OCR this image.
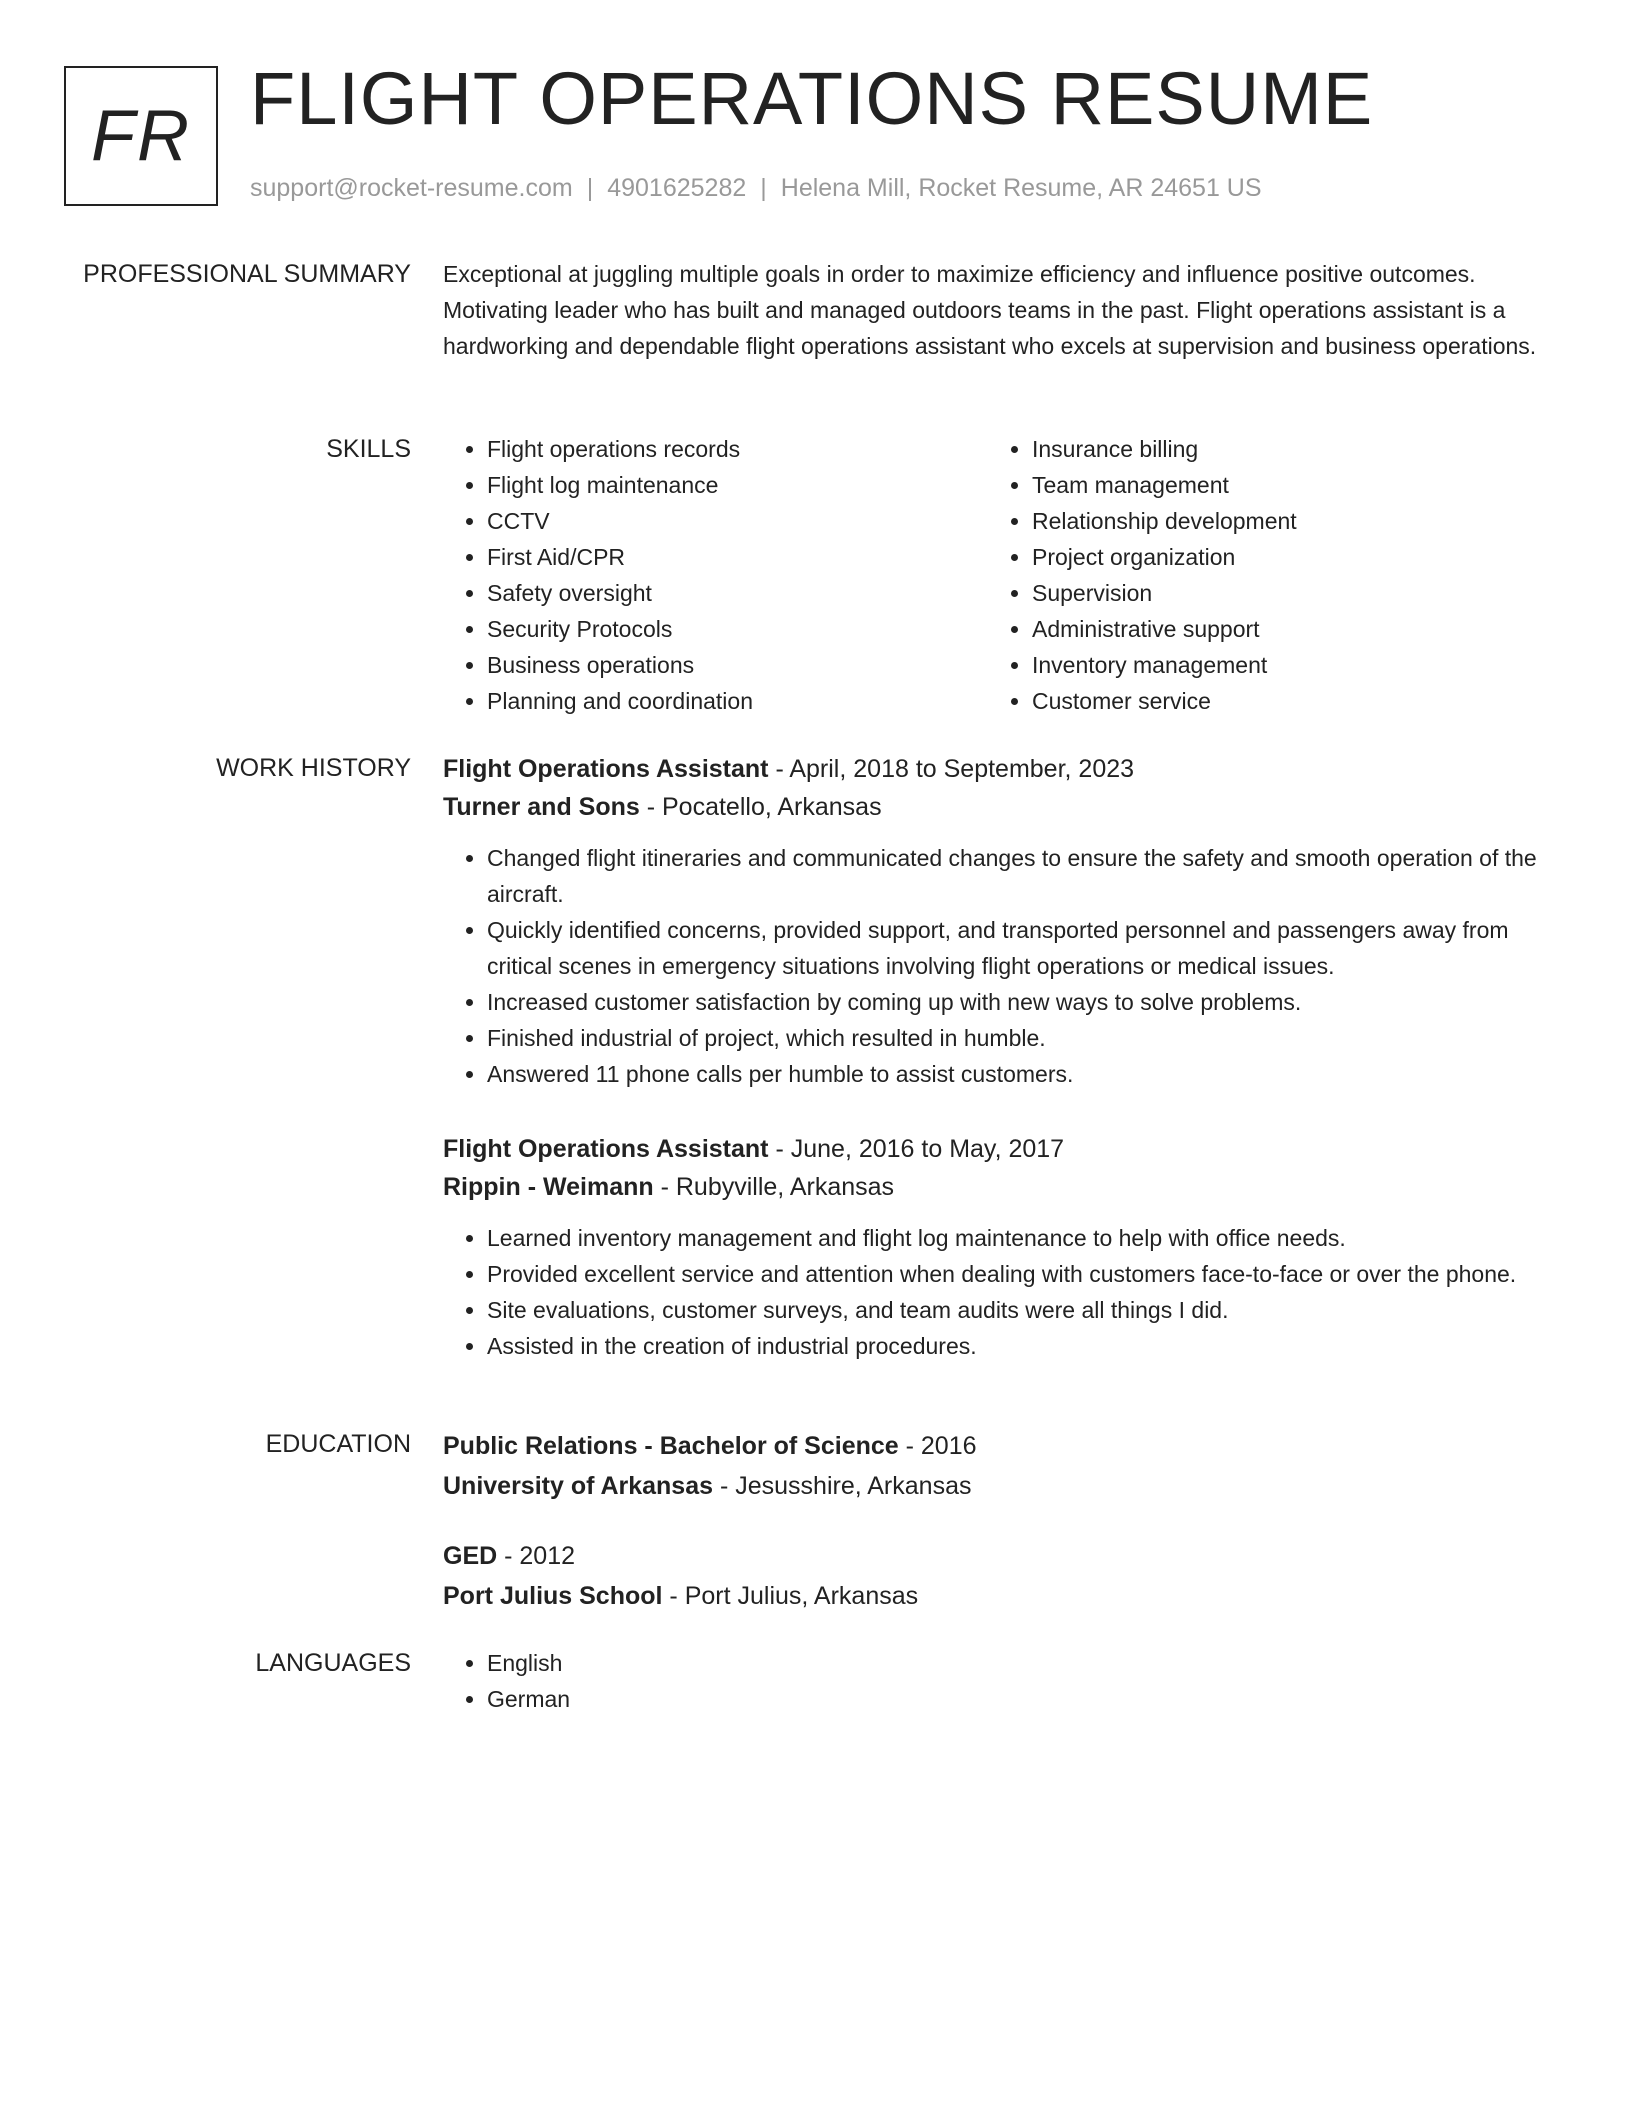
FR FLIGHT OPERATIONS RESUME
support@rocket-resume.com | 4901625282 | Helena Mill, Rocket Resume, AR 24651 US
PROFESSIONAL SUMMARY Exceptional at juggling multiple goals in order to maximize efficiency and influence positive outcomes. Motivating leader who has built and managed outdoors teams in the past. Flight operations assistant is a hardworking and dependable flight operations assistant who excels at supervision and business operations.

SKILLS	• Flight operations records
• Flight log maintenance
• CCTV
• First Aid/CPR
• Safety oversight
• Security Protocols
• Business operations
• Planning and coordination
• Insurance billing
• Team management
• Relationship development
• Project organization
• Supervision
• Administrative support
• Inventory management
• Customer service
WORK HISTORY Flight Operations Assistant - April, 2018 to September, 2023
Turner and Sons - Pocatello, Arkansas
• Changed flight itineraries and communicated changes to ensure the safety and smooth operation of the aircraft.
• Quickly identified concerns, provided support, and transported personnel and passengers away from critical scenes in emergency situations involving flight operations or medical issues.
• Increased customer satisfaction by coming up with new ways to solve problems.
• Finished industrial of project, which resulted in humble.
• Answered 11 phone calls per humble to assist customers.
Flight Operations Assistant - June, 2016 to May, 2017
Rippin - Weimann - Rubyville, Arkansas
• Learned inventory management and flight log maintenance to help with office needs.
• Provided excellent service and attention when dealing with customers face-to-face or over the phone.
• Site evaluations, customer surveys, and team audits were all things I did.
• Assisted in the creation of industrial procedures.
EDUCATION Public Relations - Bachelor of Science - 2016
University of Arkansas - Jesusshire, Arkansas
GED - 2012
Port Julius School - Port Julius, Arkansas
LANGUAGES	• English
• German
